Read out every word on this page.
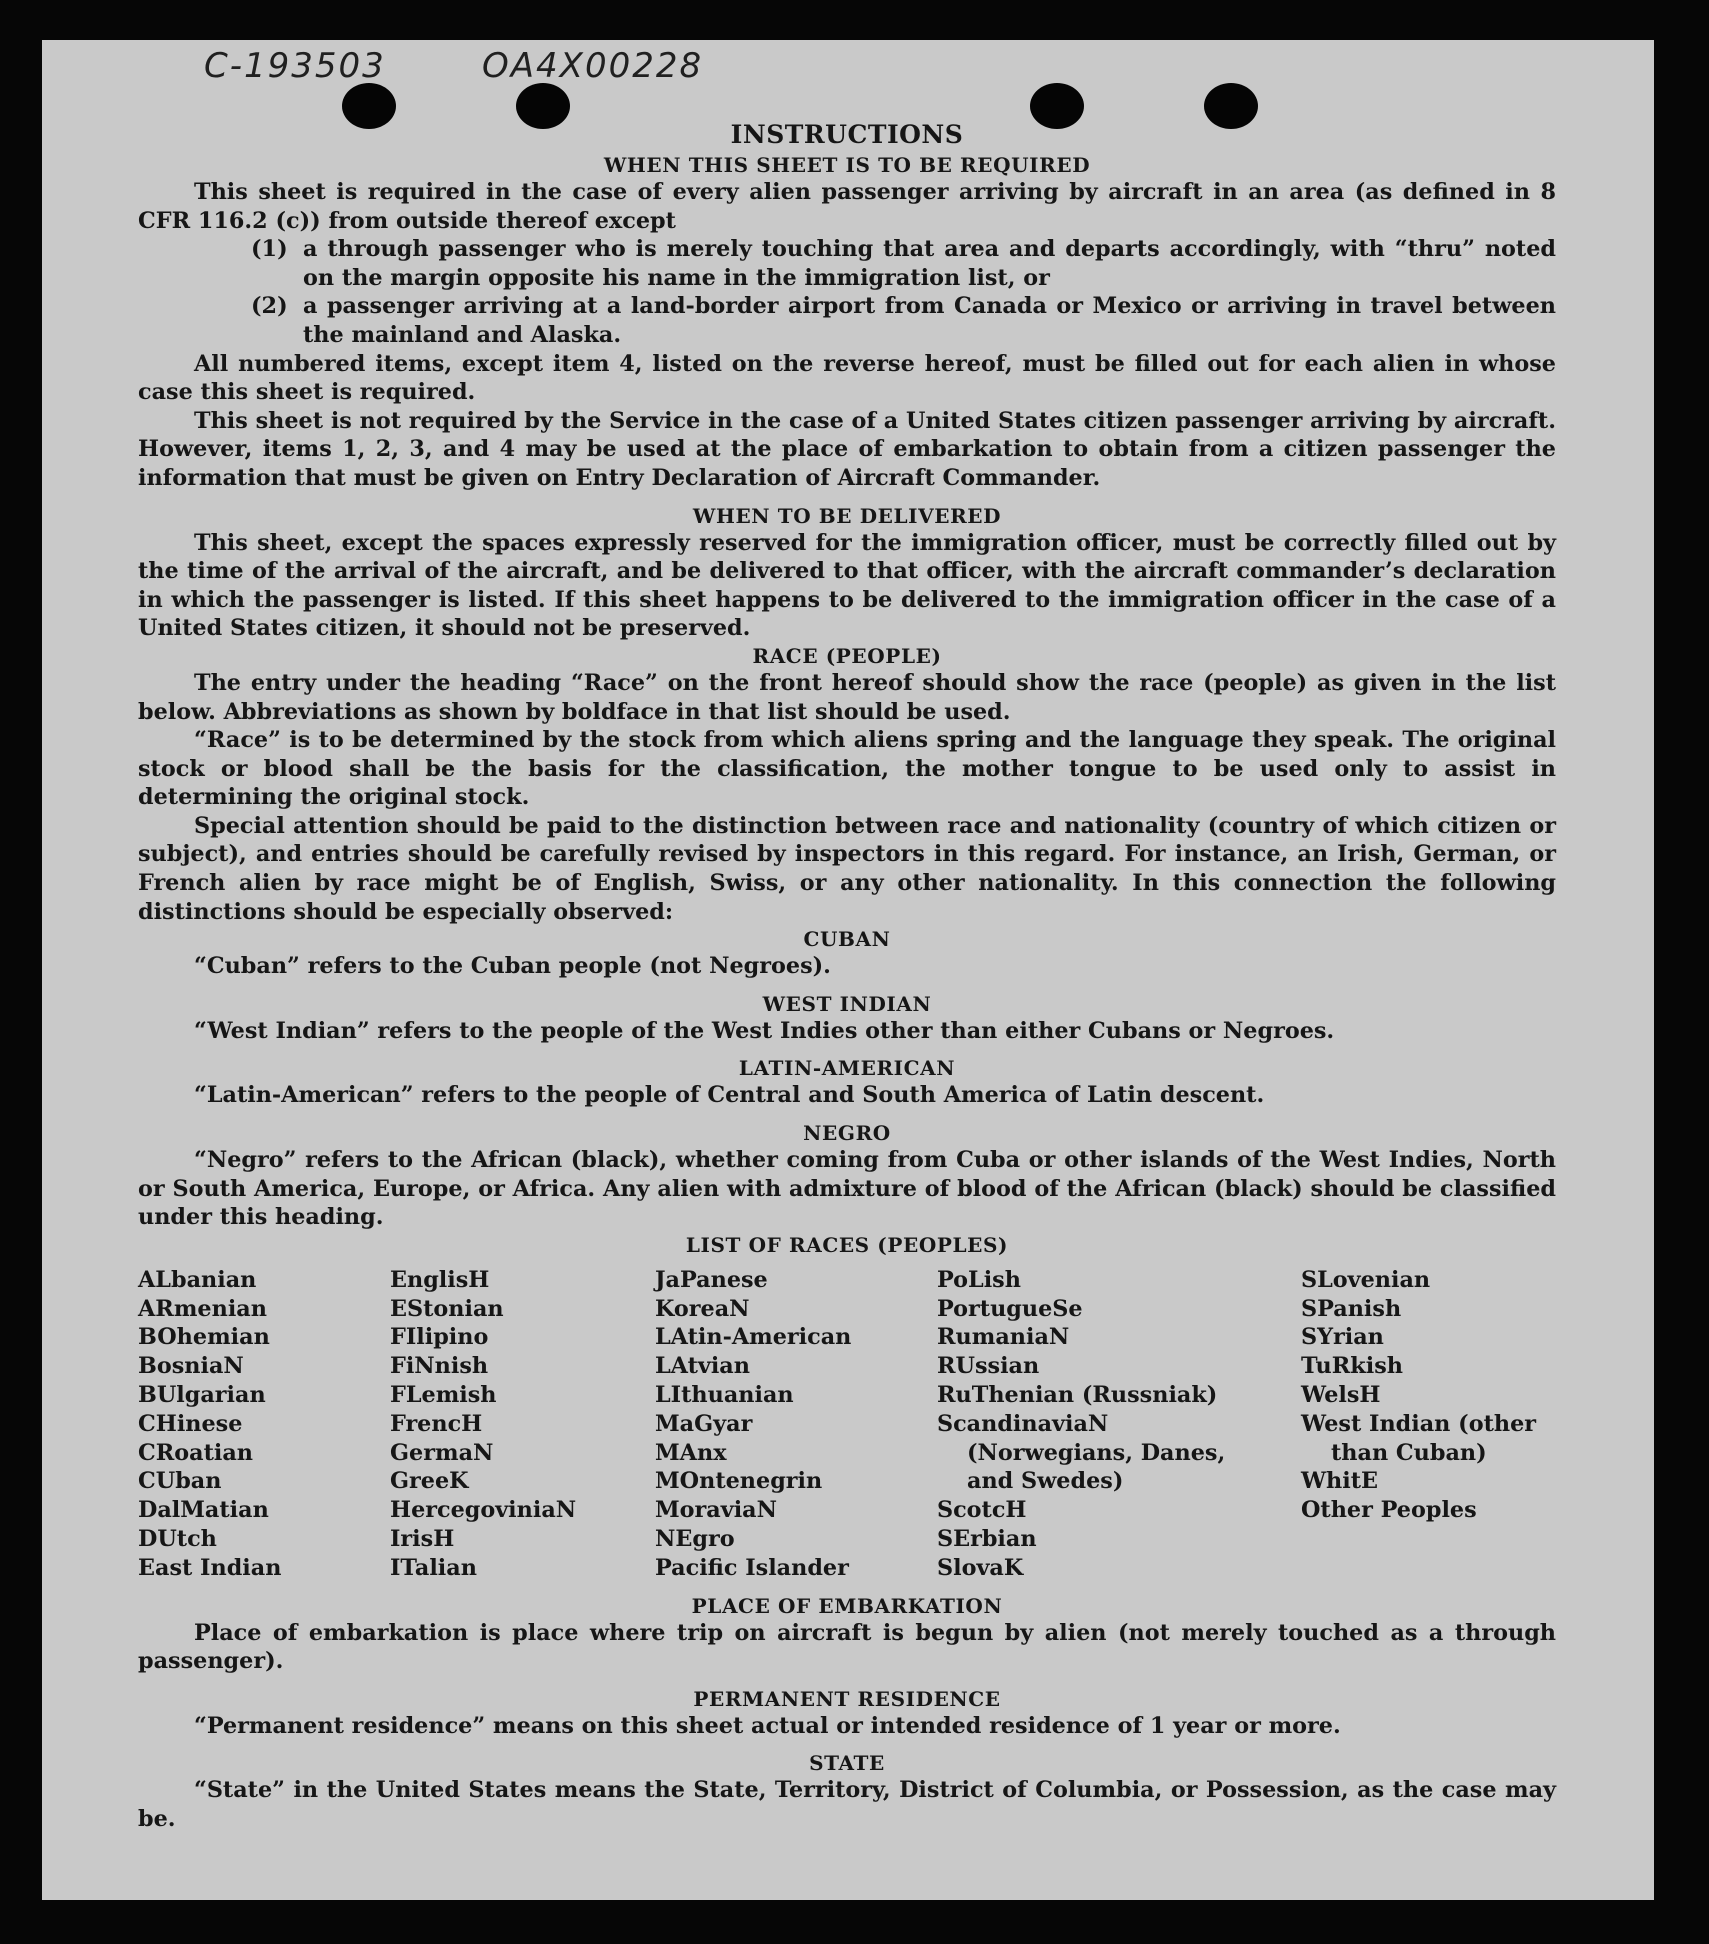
C-193503	OA4X00228
INSTRUCTIONS
WHEN THIS SHEET IS TO BE REQUIRED

This sheet is required in the case of every alien passenger arriving by aircraft in an area (as defined in 8 CFR 116.2 (c)) from outside thereof except

(1) a through passenger who is merely touching that area and departs accordingly, with “thru” noted on the margin opposite his name in the immigration list, or
(2) a passenger arriving at a land-border airport from Canada or Mexico or arriving in travel between the mainland and Alaska.

All numbered items, except item 4, listed on the reverse hereof, must be filled out for each alien in whose case this sheet is required.

This sheet is not required by the Service in the case of a United States citizen passenger arriving by aircraft. However, items 1, 2, 3, and 4 may be used at the place of embarkation to obtain from a citizen passenger the information that must be given on Entry Declaration of Aircraft Commander.

WHEN TO BE DELIVERED

This sheet, except the spaces expressly reserved for the immigration officer, must be correctly filled out by the time of the arrival of the aircraft, and be delivered to that officer, with the aircraft commander’s declaration in which the passenger is listed. If this sheet happens to be delivered to the immigration officer in the case of a United States citizen, it should not be preserved.

RACE (PEOPLE)

The entry under the heading “Race” on the front hereof should show the race (people) as given in the list below. Abbreviations as shown by boldface in that list should be used.

“Race” is to be determined by the stock from which aliens spring and the language they speak. The original stock or blood shall be the basis for the classification, the mother tongue to be used only to assist in determining the original stock.

Special attention should be paid to the distinction between race and nationality (country of which citizen or subject), and entries should be carefully revised by inspectors in this regard. For instance, an Irish, German, or French alien by race might be of English, Swiss, or any other nationality. In this connection the following distinctions should be especially observed:

CUBAN

“Cuban” refers to the Cuban people (not Negroes).

WEST INDIAN

“West Indian” refers to the people of the West Indies other than either Cubans or Negroes.

LATIN-AMERICAN

“Latin-American” refers to the people of Central and South America of Latin descent.

NEGRO

“Negro” refers to the African (black), whether coming from Cuba or other islands of the West Indies, North or South America, Europe, or Africa. Any alien with admixture of blood of the African (black) should be classified under this heading.

LIST OF RACES (PEOPLES)
ALbanian
ARmenian
BOhemian
BosniaN
BUlgarian
CHinese
CRoatian
CUban
DalMatian
DUtch
East Indian
EnglisH
EStonian
FIlipino
FiNnish
FLemish
FrencH
GermaN
GreeK
HercegoviniaN
IrisH
ITalian
JaPanese
KoreaN
LAtin-American
LAtvian
LIthuanian
MaGyar
MAnx
MOntenegrin
MoraviaN
NEgro
Pacific Islander
PoLish
PortugueSe
RumaniaN
RUssian
RuThenian (Russniak)
ScandinaviaN (Norwegians, Danes, and Swedes)
ScotcH
SErbian
SlovaK
SLovenian
SPanish
SYrian
TuRkish
WelsH
West Indian (other than Cuban)
WhitE
Other Peoples
PLACE OF EMBARKATION

Place of embarkation is place where trip on aircraft is begun by alien (not merely touched as a through passenger).

PERMANENT RESIDENCE

“Permanent residence” means on this sheet actual or intended residence of 1 year or more.

STATE

“State” in the United States means the State, Territory, District of Columbia, or Possession, as the case may be.
